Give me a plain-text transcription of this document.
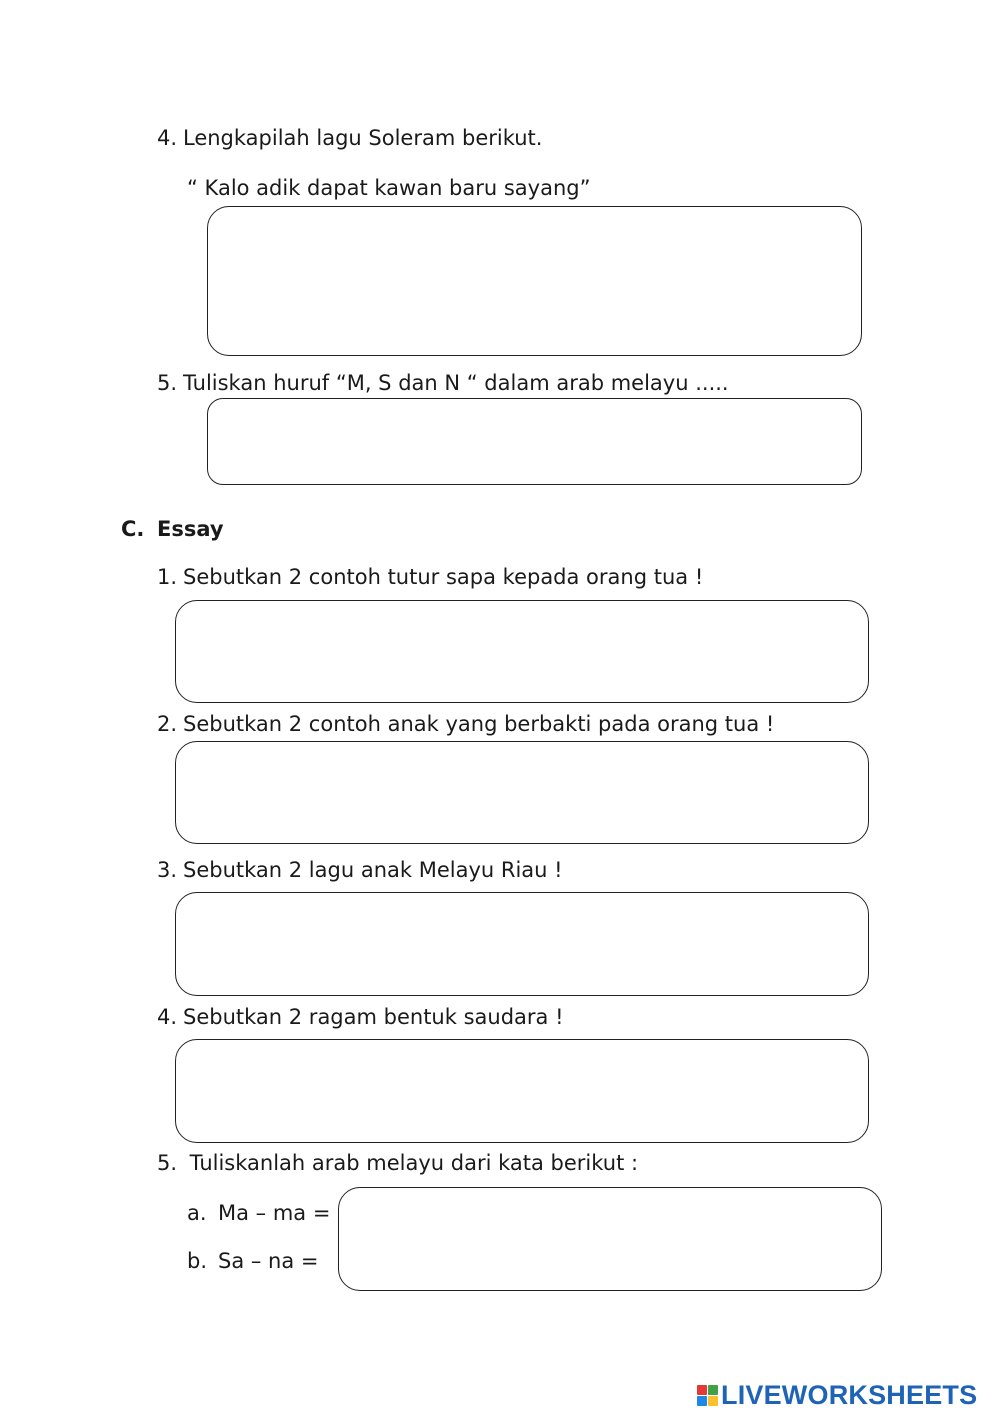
4. Lengkapilah lagu Soleram berikut.
“ Kalo adik dapat kawan baru sayang”
5. Tuliskan huruf “M, S dan N “ dalam arab melayu .....
C. Essay
1. Sebutkan 2 contoh tutur sapa kepada orang tua !
2. Sebutkan 2 contoh anak yang berbakti pada orang tua !
3. Sebutkan 2 lagu anak Melayu Riau !
4. Sebutkan 2 ragam bentuk saudara !
5. Tuliskanlah arab melayu dari kata berikut :
a. Ma – ma =
b. Sa – na =
LIVEWORKSHEETS
